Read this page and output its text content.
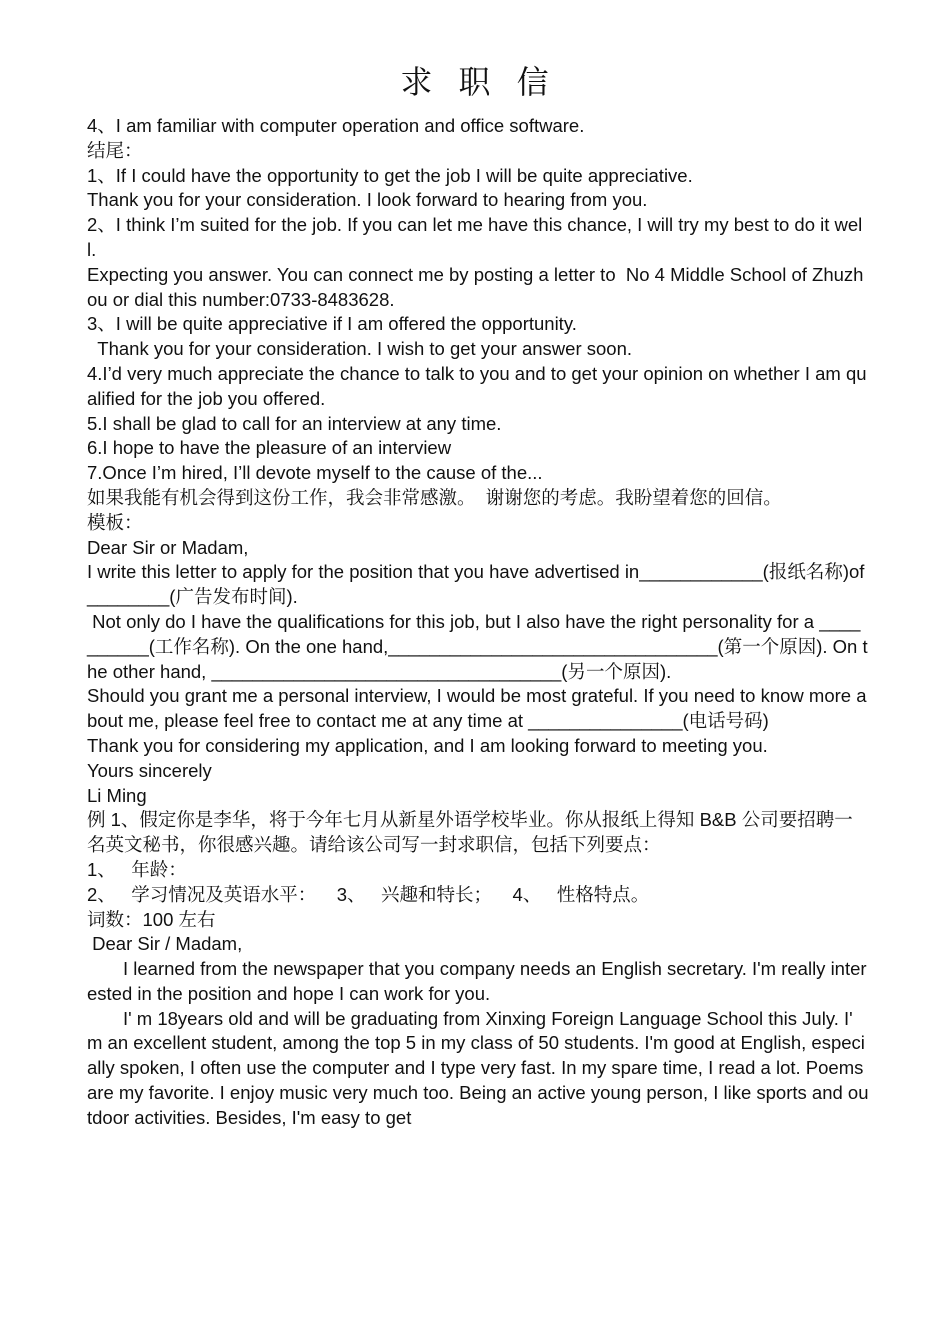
求 职 信

4、I am familiar with computer operation and office software.

结尾：

1、If I could have the opportunity to get the job I will be quite appreciative.

Thank you for your consideration. I look forward to hearing from you.

2、I think I’m suited for the job. If you can let me have this chance, I will try my best to do it well.

Expecting you answer. You can connect me by posting a letter to  No 4 Middle School of Zhuzhou or dial this number:0733-8483628.

3、I will be quite appreciative if I am offered the opportunity.

Thank you for your consideration. I wish to get your answer soon.

4.I’d very much appreciate the chance to talk to you and to get your opinion on whether I am qualified for the job you offered.

5.I shall be glad to call for an interview at any time.

6.I hope to have the pleasure of an interview

7.Once I’m hired, I’ll devote myself to the cause of the...

如果我能有机会得到这份工作，我会非常感激。  谢谢您的考虑。我盼望着您的回信。

模板：

Dear Sir or Madam,

I write this letter to apply for the position that you have advertised in____________(报纸名称)of________(广告发布时间).

Not only do I have the qualifications for this job, but I also have the right personality for a __________(工作名称). On the one hand,________________________________(第一个原因). On the other hand, __________________________________(另一个原因).

Should you grant me a personal interview, I would be most grateful. If you need to know more about me, please feel free to contact me at any time at _______________(电话号码)

Thank you for considering my application, and I am looking forward to meeting you.

Yours sincerely

Li Ming

例 1、假定你是李华，将于今年七月从新星外语学校毕业。你从报纸上得知 B&B 公司要招聘一名英文秘书，你很感兴趣。请给该公司写一封求职信，包括下列要点：

1、   年龄：

2、   学习情况及英语水平：    3、   兴趣和特长；    4、   性格特点。

词数：100 左右

Dear Sir / Madam,

I learned from the newspaper that you company needs an English secretary. I'm really interested in the position and hope I can work for you.

I' m 18years old and will be graduating from Xinxing Foreign Language School this July. I' m an excellent student, among the top 5 in my class of 50 students. I'm good at English, especially spoken, I often use the computer and I type very fast. In my spare time, I read a lot. Poems are my favorite. I enjoy music very much too. Being an active young person, I like sports and outdoor activities. Besides, I'm easy to get
